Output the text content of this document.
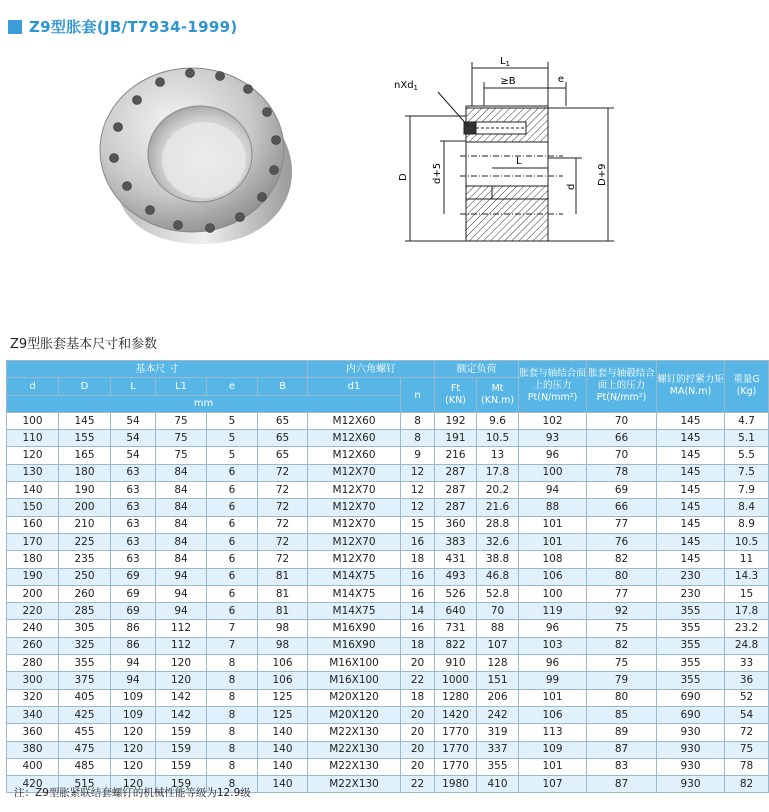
Z9型胀套(JB/T7934-1999)
$L_1$
≥B	e
nXd$_1$
L
D d+5
d
D+9
Z9型胀套基本尺寸和参数
基本尺 寸						内六角螺钉		额定负荷		胀套与轴结合面上的压力Pt(N/mm²)	胀套与轴毂结合面上的压力Pt(N/mm²)	螺钉的拧紧力矩MA(N.m)	重量G
(Kg)
d	D	L	L1	e	B	d1	n	Ft
(KN)	Mt
(KN.m)				
mm													
100	145	54	75	5	65	M12X60	8	192	9.6	102	70	145	4.7
110	155	54	75	5	65	M12X60	8	191	10.5	93	66	145	5.1
120	165	54	75	5	65	M12X60	9	216	13	96	70	145	5.5
130	180	63	84	6	72	M12X70	12	287	17.8	100	78	145	7.5
140	190	63	84	6	72	M12X70	12	287	20.2	94	69	145	7.9
150	200	63	84	6	72	M12X70	12	287	21.6	88	66	145	8.4
160	210	63	84	6	72	M12X70	15	360	28.8	101	77	145	8.9
170	225	63	84	6	72	M12X70	16	383	32.6	101	76	145	10.5
180	235	63	84	6	72	M12X70	18	431	38.8	108	82	145	11
190	250	69	94	6	81	M14X75	16	493	46.8	106	80	230	14.3
200	260	69	94	6	81	M14X75	16	526	52.8	100	77	230	15
220	285	69	94	6	81	M14X75	14	640	70	119	92	355	17.8
240	305	86	112	7	98	M16X90	16	731	88	96	75	355	23.2
260	325	86	112	7	98	M16X90	18	822	107	103	82	355	24.8
280	355	94	120	8	106	M16X100	20	910	128	96	75	355	33
300	375	94	120	8	106	M16X100	22	1000	151	99	79	355	36
320	405	109	142	8	125	M20X120	18	1280	206	101	80	690	52
340	425	109	142	8	125	M20X120	20	1420	242	106	85	690	54
360	455	120	159	8	140	M22X130	20	1770	319	113	89	930	72
380	475	120	159	8	140	M22X130	20	1770	337	109	87	930	75
400	485	120	159	8	140	M22X130	20	1770	355	101	83	930	78
420	515	120	159	8	140	M22X130	22	1980	410	107	87	930	82
注：Z9型胀紧联结套螺钉的机械性能等级为12.9级
